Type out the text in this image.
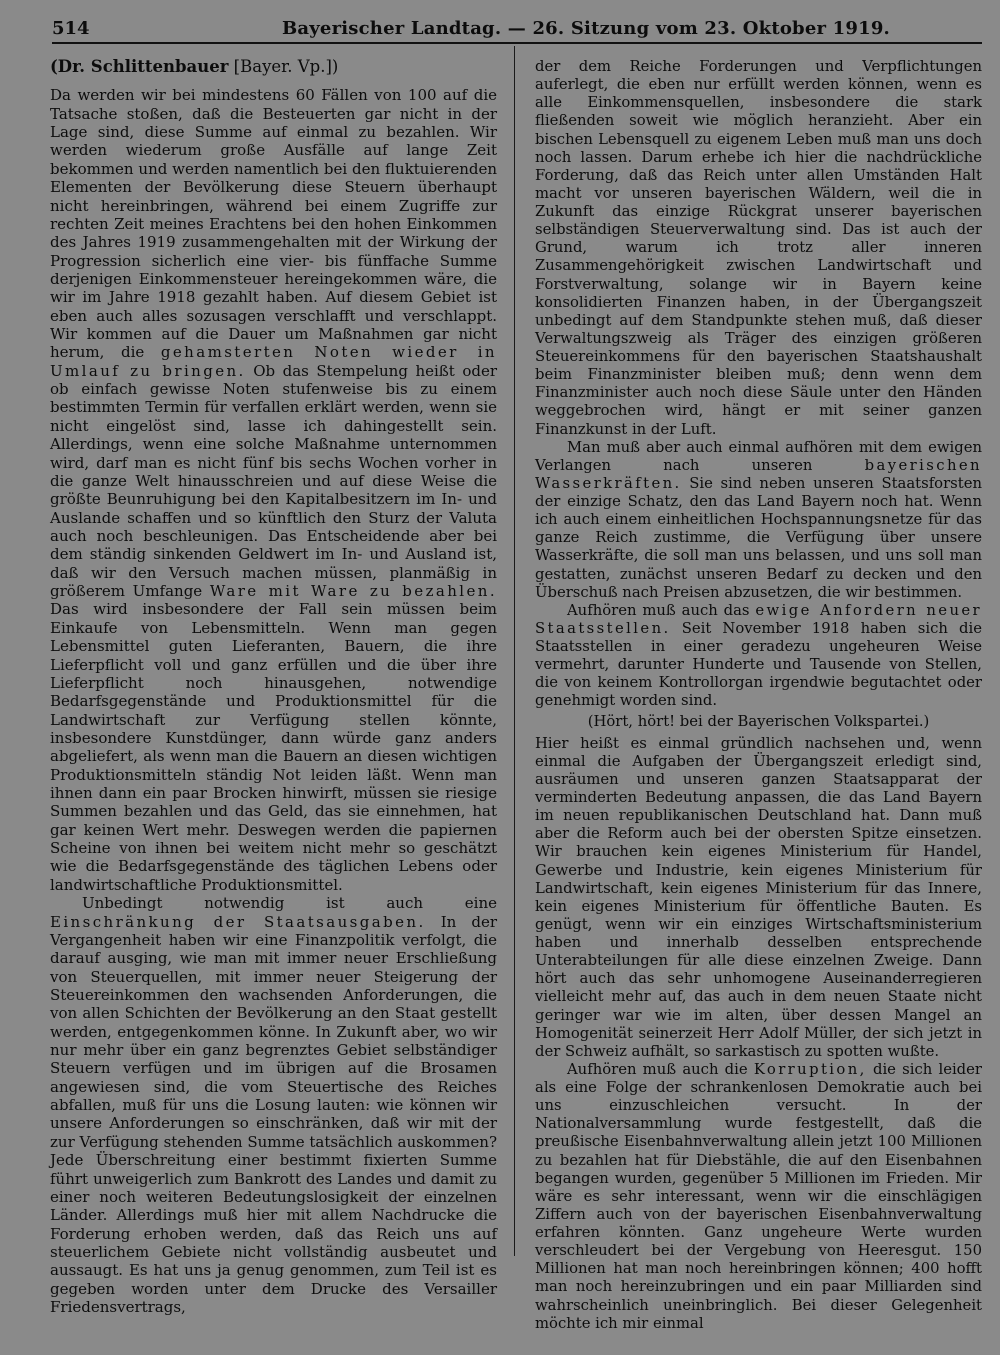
514	Bayerischer Landtag. — 26. Sitzung vom 23. Oktober 1919.
(Dr. Schlittenbauer [Bayer. Vp.])

Da werden wir bei mindestens 60 Fällen von 100 auf die Tatsache stoßen, daß die Besteuerten gar nicht in der Lage sind, diese Summe auf einmal zu bezahlen. Wir werden wiederum große Ausfälle auf lange Zeit bekommen und werden namentlich bei den fluktuierenden Elementen der Bevölkerung diese Steuern überhaupt nicht hereinbringen, während bei einem Zugriffe zur rechten Zeit meines Erachtens bei den hohen Einkommen des Jahres 1919 zusammengehalten mit der Wirkung der Progression sicherlich eine vier- bis fünffache Summe derjenigen Einkommensteuer hereingekommen wäre, die wir im Jahre 1918 gezahlt haben. Auf diesem Gebiet ist eben auch alles sozusagen verschlafft und verschlappt. Wir kommen auf die Dauer um Maßnahmen gar nicht herum, die gehamsterten Noten wieder in Umlauf zu bringen. Ob das Stempelung heißt oder ob einfach gewisse Noten stufenweise bis zu einem bestimmten Termin für verfallen erklärt werden, wenn sie nicht eingelöst sind, lasse ich dahingestellt sein. Allerdings, wenn eine solche Maßnahme unternommen wird, darf man es nicht fünf bis sechs Wochen vorher in die ganze Welt hinausschreien und auf diese Weise die größte Beunruhigung bei den Kapitalbesitzern im In- und Auslande schaffen und so künftlich den Sturz der Valuta auch noch beschleunigen. Das Entscheidende aber bei dem ständig sinkenden Geldwert im In- und Ausland ist, daß wir den Versuch machen müssen, planmäßig in größerem Umfange Ware mit Ware zu bezahlen. Das wird insbesondere der Fall sein müssen beim Einkaufe von Lebensmitteln. Wenn man gegen Lebensmittel guten Lieferanten, Bauern, die ihre Lieferpflicht voll und ganz erfüllen und die über ihre Lieferpflicht noch hinausgehen, notwendige Bedarfsgegenstände und Produktionsmittel für die Landwirtschaft zur Verfügung stellen könnte, insbesondere Kunstdünger, dann würde ganz anders abgeliefert, als wenn man die Bauern an diesen wichtigen Produktionsmitteln ständig Not leiden läßt. Wenn man ihnen dann ein paar Brocken hinwirft, müssen sie riesige Summen bezahlen und das Geld, das sie einnehmen, hat gar keinen Wert mehr. Deswegen werden die papiernen Scheine von ihnen bei weitem nicht mehr so geschätzt wie die Bedarfsgegenstände des täglichen Lebens oder landwirtschaftliche Produktionsmittel.

Unbedingt notwendig ist auch eine Einschränkung der Staatsausgaben. In der Vergangenheit haben wir eine Finanzpolitik verfolgt, die darauf ausging, wie man mit immer neuer Erschließung von Steuerquellen, mit immer neuer Steigerung der Steuereinkommen den wachsenden Anforderungen, die von allen Schichten der Bevölkerung an den Staat gestellt werden, entgegenkommen könne. In Zukunft aber, wo wir nur mehr über ein ganz begrenztes Gebiet selbständiger Steuern verfügen und im übrigen auf die Brosamen angewiesen sind, die vom Steuertische des Reiches abfallen, muß für uns die Losung lauten: wie können wir unsere Anforderungen so einschränken, daß wir mit der zur Verfügung stehenden Summe tatsächlich auskommen? Jede Überschreitung einer bestimmt fixierten Summe führt unweigerlich zum Bankrott des Landes und damit zu einer noch weiteren Bedeutungslosigkeit der einzelnen Länder. Allerdings muß hier mit allem Nachdrucke die Forderung erhoben werden, daß das Reich uns auf steuerlichem Gebiete nicht vollständig ausbeutet und aussaugt. Es hat uns ja genug genommen, zum Teil ist es gegeben worden unter dem Drucke des Versailler Friedensvertrags,

der dem Reiche Forderungen und Verpflichtungen auferlegt, die eben nur erfüllt werden können, wenn es alle Einkommensquellen, insbesondere die stark fließenden soweit wie möglich heranzieht. Aber ein bischen Lebensquell zu eigenem Leben muß man uns doch noch lassen. Darum erhebe ich hier die nachdrückliche Forderung, daß das Reich unter allen Umständen Halt macht vor unseren bayerischen Wäldern, weil die in Zukunft das einzige Rückgrat unserer bayerischen selbständigen Steuerverwaltung sind. Das ist auch der Grund, warum ich trotz aller inneren Zusammengehörigkeit zwischen Landwirtschaft und Forstverwaltung, solange wir in Bayern keine konsolidierten Finanzen haben, in der Übergangszeit unbedingt auf dem Standpunkte stehen muß, daß dieser Verwaltungszweig als Träger des einzigen größeren Steuereinkommens für den bayerischen Staatshaushalt beim Finanzminister bleiben muß; denn wenn dem Finanzminister auch noch diese Säule unter den Händen weggebrochen wird, hängt er mit seiner ganzen Finanzkunst in der Luft.

Man muß aber auch einmal aufhören mit dem ewigen Verlangen nach unseren bayerischen Wasserkräften. Sie sind neben unseren Staatsforsten der einzige Schatz, den das Land Bayern noch hat. Wenn ich auch einem einheitlichen Hochspannungsnetze für das ganze Reich zustimme, die Verfügung über unsere Wasserkräfte, die soll man uns belassen, und uns soll man gestatten, zunächst unseren Bedarf zu decken und den Überschuß nach Preisen abzusetzen, die wir bestimmen.

Aufhören muß auch das ewige Anfordern neuer Staatsstellen. Seit November 1918 haben sich die Staatsstellen in einer geradezu ungeheuren Weise vermehrt, darunter Hunderte und Tausende von Stellen, die von keinem Kontrollorgan irgendwie begutachtet oder genehmigt worden sind.

(Hört, hört! bei der Bayerischen Volkspartei.)

Hier heißt es einmal gründlich nachsehen und, wenn einmal die Aufgaben der Übergangszeit erledigt sind, ausräumen und unseren ganzen Staatsapparat der verminderten Bedeutung anpassen, die das Land Bayern im neuen republikanischen Deutschland hat. Dann muß aber die Reform auch bei der obersten Spitze einsetzen. Wir brauchen kein eigenes Ministerium für Handel, Gewerbe und Industrie, kein eigenes Ministerium für Landwirtschaft, kein eigenes Ministerium für das Innere, kein eigenes Ministerium für öffentliche Bauten. Es genügt, wenn wir ein einziges Wirtschaftsministerium haben und innerhalb desselben entsprechende Unterabteilungen für alle diese einzelnen Zweige. Dann hört auch das sehr unhomogene Auseinanderregieren vielleicht mehr auf, das auch in dem neuen Staate nicht geringer war wie im alten, über dessen Mangel an Homogenität seinerzeit Herr Adolf Müller, der sich jetzt in der Schweiz aufhält, so sarkastisch zu spotten wußte.

Aufhören muß auch die Korruption, die sich leider als eine Folge der schrankenlosen Demokratie auch bei uns einzuschleichen versucht. In der Nationalversammlung wurde festgestellt, daß die preußische Eisenbahnverwaltung allein jetzt 100 Millionen zu bezahlen hat für Diebstähle, die auf den Eisenbahnen begangen wurden, gegenüber 5 Millionen im Frieden. Mir wäre es sehr interessant, wenn wir die einschlägigen Ziffern auch von der bayerischen Eisenbahnverwaltung erfahren könnten. Ganz ungeheure Werte wurden verschleudert bei der Vergebung von Heeresgut. 150 Millionen hat man noch hereinbringen können; 400 hofft man noch hereinzubringen und ein paar Milliarden sind wahrscheinlich uneinbringlich. Bei dieser Gelegenheit möchte ich mir einmal
